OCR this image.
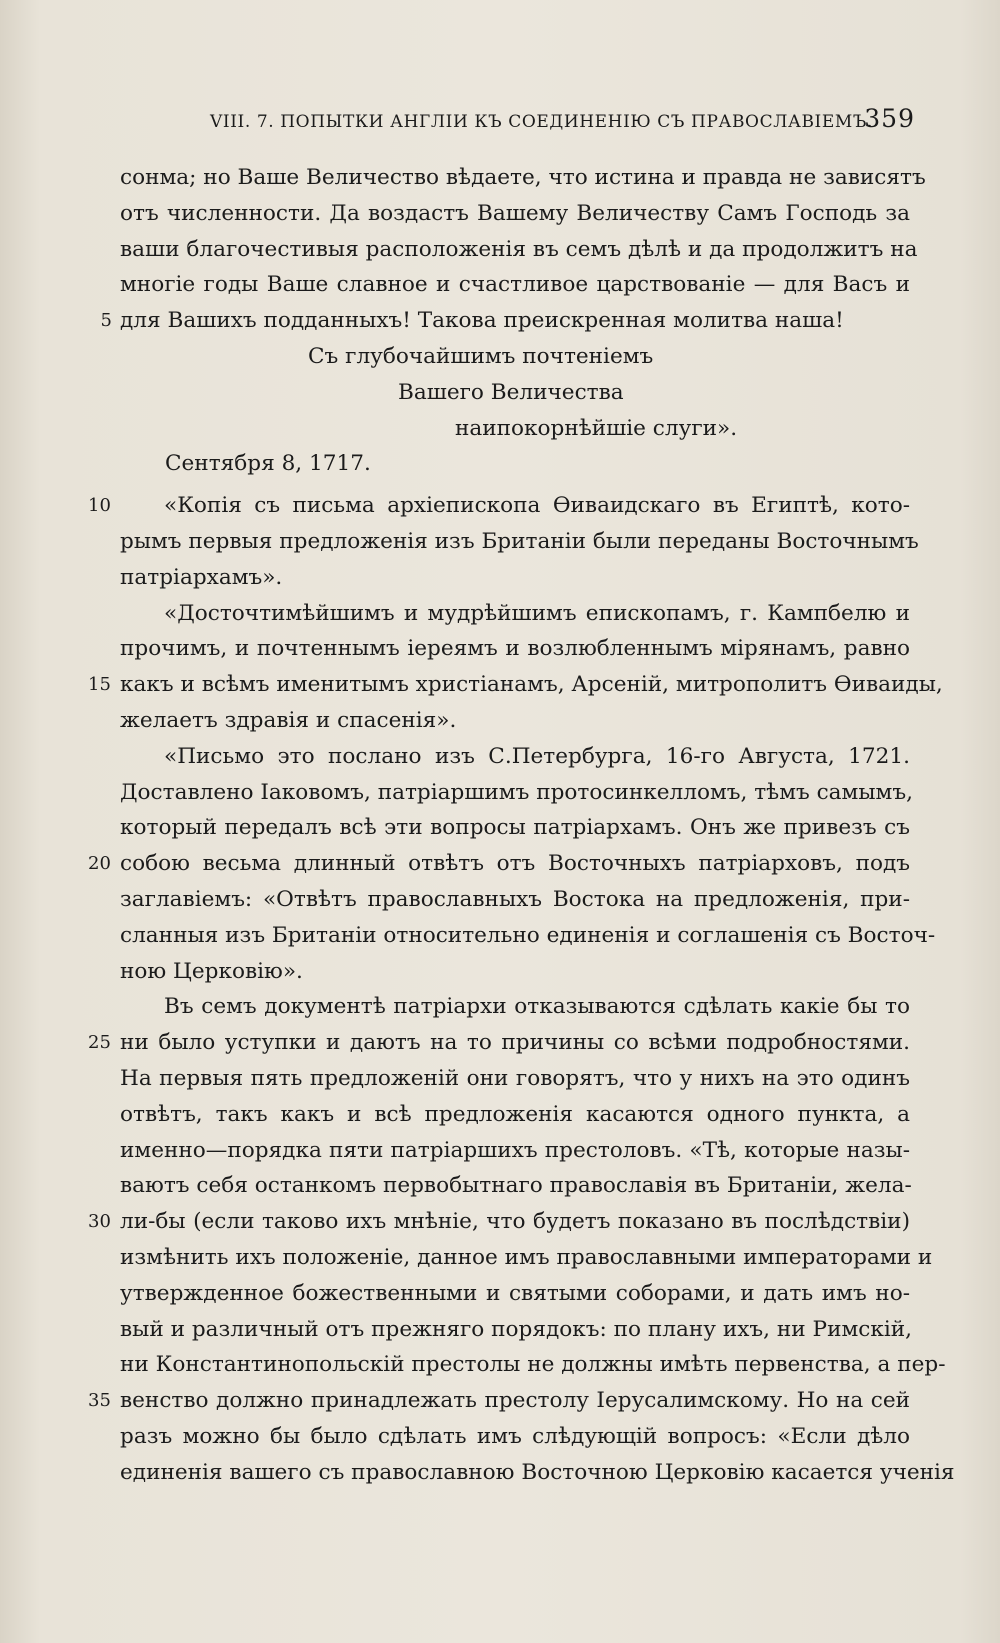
VIII. 7. ПОПЫТКИ АНГЛІИ КЪ СОЕДИНЕНІЮ СЪ ПРАВОСЛАВІЕМЪ.
359
сонма; но Ваше Величество вѣдаете, что истина и правда не зависятъ
отъ численности. Да воздастъ Вашему Величеству Самъ Господь за
ваши благочестивыя расположенія въ семъ дѣлѣ и да продолжитъ на
многіе годы Ваше славное и счастливое царствованіе — для Васъ и
5 для Вашихъ подданныхъ! Такова преискренная молитва наша!
Съ глубочайшимъ почтеніемъ
Вашего Величества
наипокорнѣйшіе слуги».
Сентября 8, 1717.
10 «Копія съ письма архіепископа Ѳиваидскаго въ Египтѣ, кото-
рымъ первыя предложенія изъ Британіи были переданы Восточнымъ
патріархамъ».
«Досточтимѣйшимъ и мудрѣйшимъ епископамъ, г. Кампбелю и
прочимъ, и почтеннымъ іереямъ и возлюбленнымъ мірянамъ, равно
15 какъ и всѣмъ именитымъ христіанамъ, Арсеній, митрополитъ Ѳиваиды,
желаетъ здравія и спасенія».
«Письмо это послано изъ С.Петербурга, 16-го Августа, 1721.
Доставлено Іаковомъ, патріаршимъ протосинкелломъ, тѣмъ самымъ,
который передалъ всѣ эти вопросы патріархамъ. Онъ же привезъ съ
20 собою весьма длинный отвѣтъ отъ Восточныхъ патріарховъ, подъ
заглавіемъ: «Отвѣтъ православныхъ Востока на предложенія, при-
сланныя изъ Британіи относительно единенія и соглашенія съ Восточ-
ною Церковію».
Въ семъ документѣ патріархи отказываются сдѣлать какіе бы то
25 ни было уступки и даютъ на то причины со всѣми подробностями.
На первыя пять предложеній они говорятъ, что у нихъ на это одинъ
отвѣтъ, такъ какъ и всѣ предложенія касаются одного пункта, а
именно—порядка пяти патріаршихъ престоловъ. «Тѣ, которые назы-
ваютъ себя останкомъ первобытнаго православія въ Британіи, жела-
30 ли-бы (если таково ихъ мнѣніе, что будетъ показано въ послѣдствіи)
измѣнить ихъ положеніе, данное имъ православными императорами и
утвержденное божественными и святыми соборами, и дать имъ но-
вый и различный отъ прежняго порядокъ: по плану ихъ, ни Римскій,
ни Константинопольскій престолы не должны имѣть первенства, а пер-
35 венство должно принадлежать престолу Іерусалимскому. Но на сей
разъ можно бы было сдѣлать имъ слѣдующій вопросъ: «Если дѣло
единенія вашего съ православною Восточною Церковію касается ученія
